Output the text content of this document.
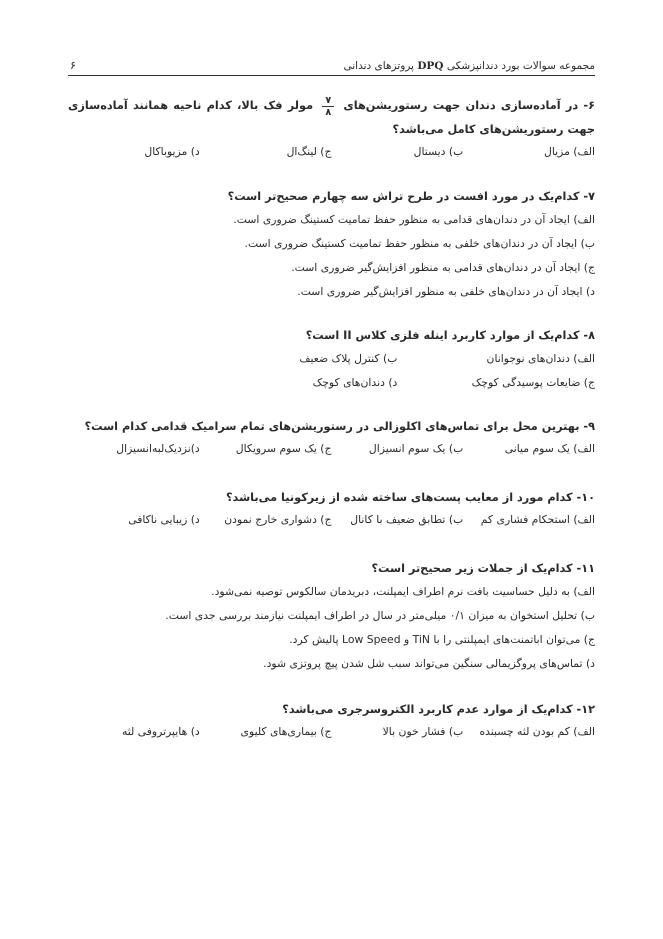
مجموعه سوالات بورد دندانپزشکی DPQ پروتزهای دندانی
۶
۶- در آماده‌سازی دندان جهت رستوریشن‌های
$\frac{۷}{۸}$
مولر فک بالا، کدام ناحیه همانند آماده‌سازی جهت رستوریشن‌های کامل می‌باشد؟
الف) مزیال
ب) دیستال
ج) لینگ‌ال
د) مزیوباکال
۷- کدام‌یک در مورد افست در طرح تراش سه چهارم صحیح‌تر است؟
الف) ایجاد آن در دندان‌های قدامی به منظور حفظ تمامیت کستینگ ضروری است.
ب) ایجاد آن در دندان‌های خلفی به منظور حفظ تمامیت کستینگ ضروری است.
ج) ایجاد آن در دندان‌های قدامی به منظور افزایش‌گیر ضروری است.
د) ایجاد آن در دندان‌های خلفی به منظور افزایش‌گیر ضروری است.
۸- کدام‌یک از موارد کاربرد اینله فلزی کلاس II است؟
الف) دندان‌های نوجوانان
ب) کنترل پلاک ضعیف
ج) ضایعات پوسیدگی کوچک
د) دندان‌های کوچک
۹- بهترین محل برای تماس‌های اکلوزالی در رستوریشن‌های تمام سرامیک قدامی کدام است؟
الف) یک سوم میانی
ب) یک سوم انسیزال
ج) یک سوم سرویکال
د)نزدیک‌لبه‌انسیزال
۱۰- کدام مورد از معایب پست‌های ساخته شده از زیرکونیا می‌باشد؟
الف) استحکام فشاری کم
ب) تطابق ضعیف با کانال
ج) دشواری خارج نمودن
د) زیبایی ناکافی
۱۱- کدام‌یک از جملات زیر صحیح‌تر است؟
الف) به دلیل حساسیت بافت نرم اطراف ایمپلنت، دبریدمان سالکوس توصیه نمی‌شود.
ب) تحلیل استخوان به میزان ۰/۱ میلی‌متر در سال در اطراف ایمپلنت نیازمند بررسی جدی است.
ج) می‌توان اباتمنت‌های ایمپلنتی را با TiN و Low Speed پالیش کرد.
د) تماس‌های پروگزیمالی سنگین می‌تواند سبب شل شدن پیچ پروتزی شود.
۱۲- کدام‌یک از موارد عدم کاربرد الکتروسرجری می‌باشد؟
الف) کم بودن لثه چسبنده
ب) فشار خون بالا
ج) بیماری‌های کلیوی
د) هایپرتروفی لثه
